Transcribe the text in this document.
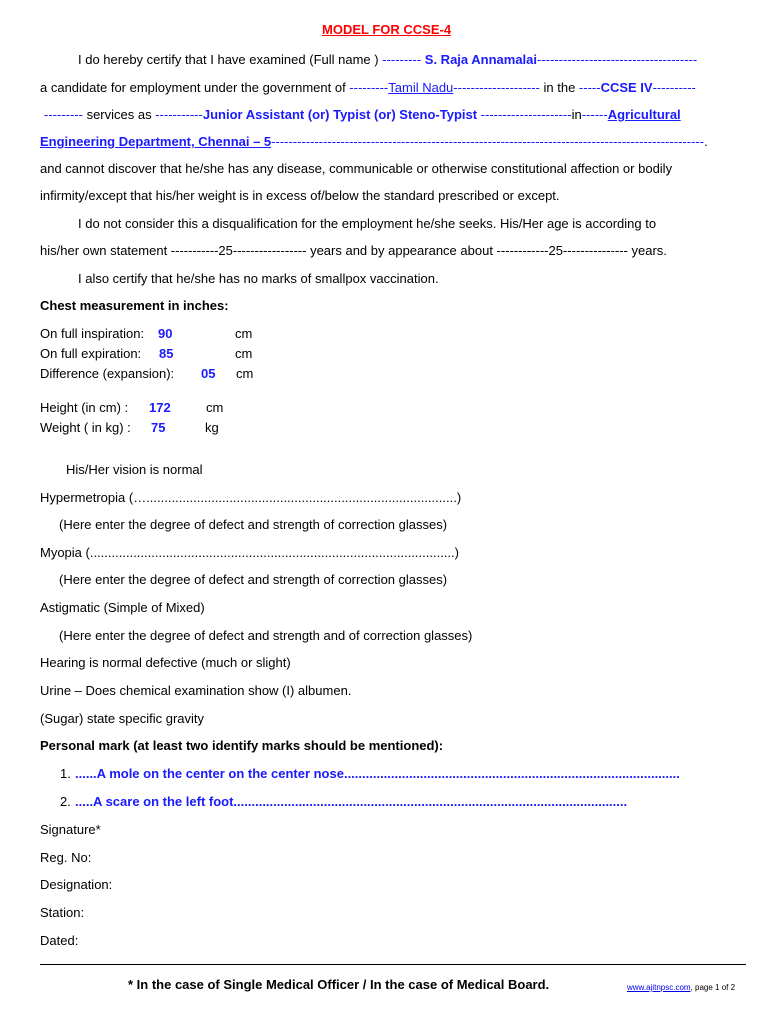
MODEL FOR CCSE-4
I do hereby certify that I have examined (Full name ) --------- S. Raja Annamalai-------------------------------------
a candidate for employment under the government of ---------Tamil Nadu-------------------- in the -----CCSE IV----------
--------- services as -----------Junior Assistant (or) Typist (or) Steno-Typist ---------------------in------Agricultural
Engineering Department, Chennai – 5----------------------------------------------------------------------------------------------------.
and cannot discover that he/she has any disease, communicable or otherwise constitutional affection or bodily
infirmity/except that his/her weight is in excess of/below the standard prescribed or except.
I do not consider this a disqualification for the employment he/she seeks. His/Her age is according to
his/her own statement -----------25----------------- years and by appearance about ------------25--------------- years.
I also certify that he/she has no marks of smallpox vaccination.
Chest measurement in inches:
On full inspiration: 90	cm
On full expiration: 85	cm
Difference (expansion): 05 cm
Height (in cm) : 172	cm
Weight ( in kg) : 75	kg
His/Her vision is normal
Hypermetropia (…......................................................................................)
(Here enter the degree of defect and strength of correction glasses)
Myopia (.....................................................................................................)
(Here enter the degree of defect and strength of correction glasses)
Astigmatic (Simple of Mixed)
(Here enter the degree of defect and strength and of correction glasses)
Hearing is normal defective (much or slight)
Urine – Does chemical examination show (I) albumen.
(Sugar) state specific gravity
Personal mark (at least two identify marks should be mentioned):
1. ......A mole on the center on the center nose.............................................................................................
2. .....A scare on the left foot.............................................................................................................
Signature*
Reg. No:
Designation:
Station:
Dated:
* In the case of Single Medical Officer / In the case of Medical Board.	www.ajitnpsc.com, page 1 of 2
